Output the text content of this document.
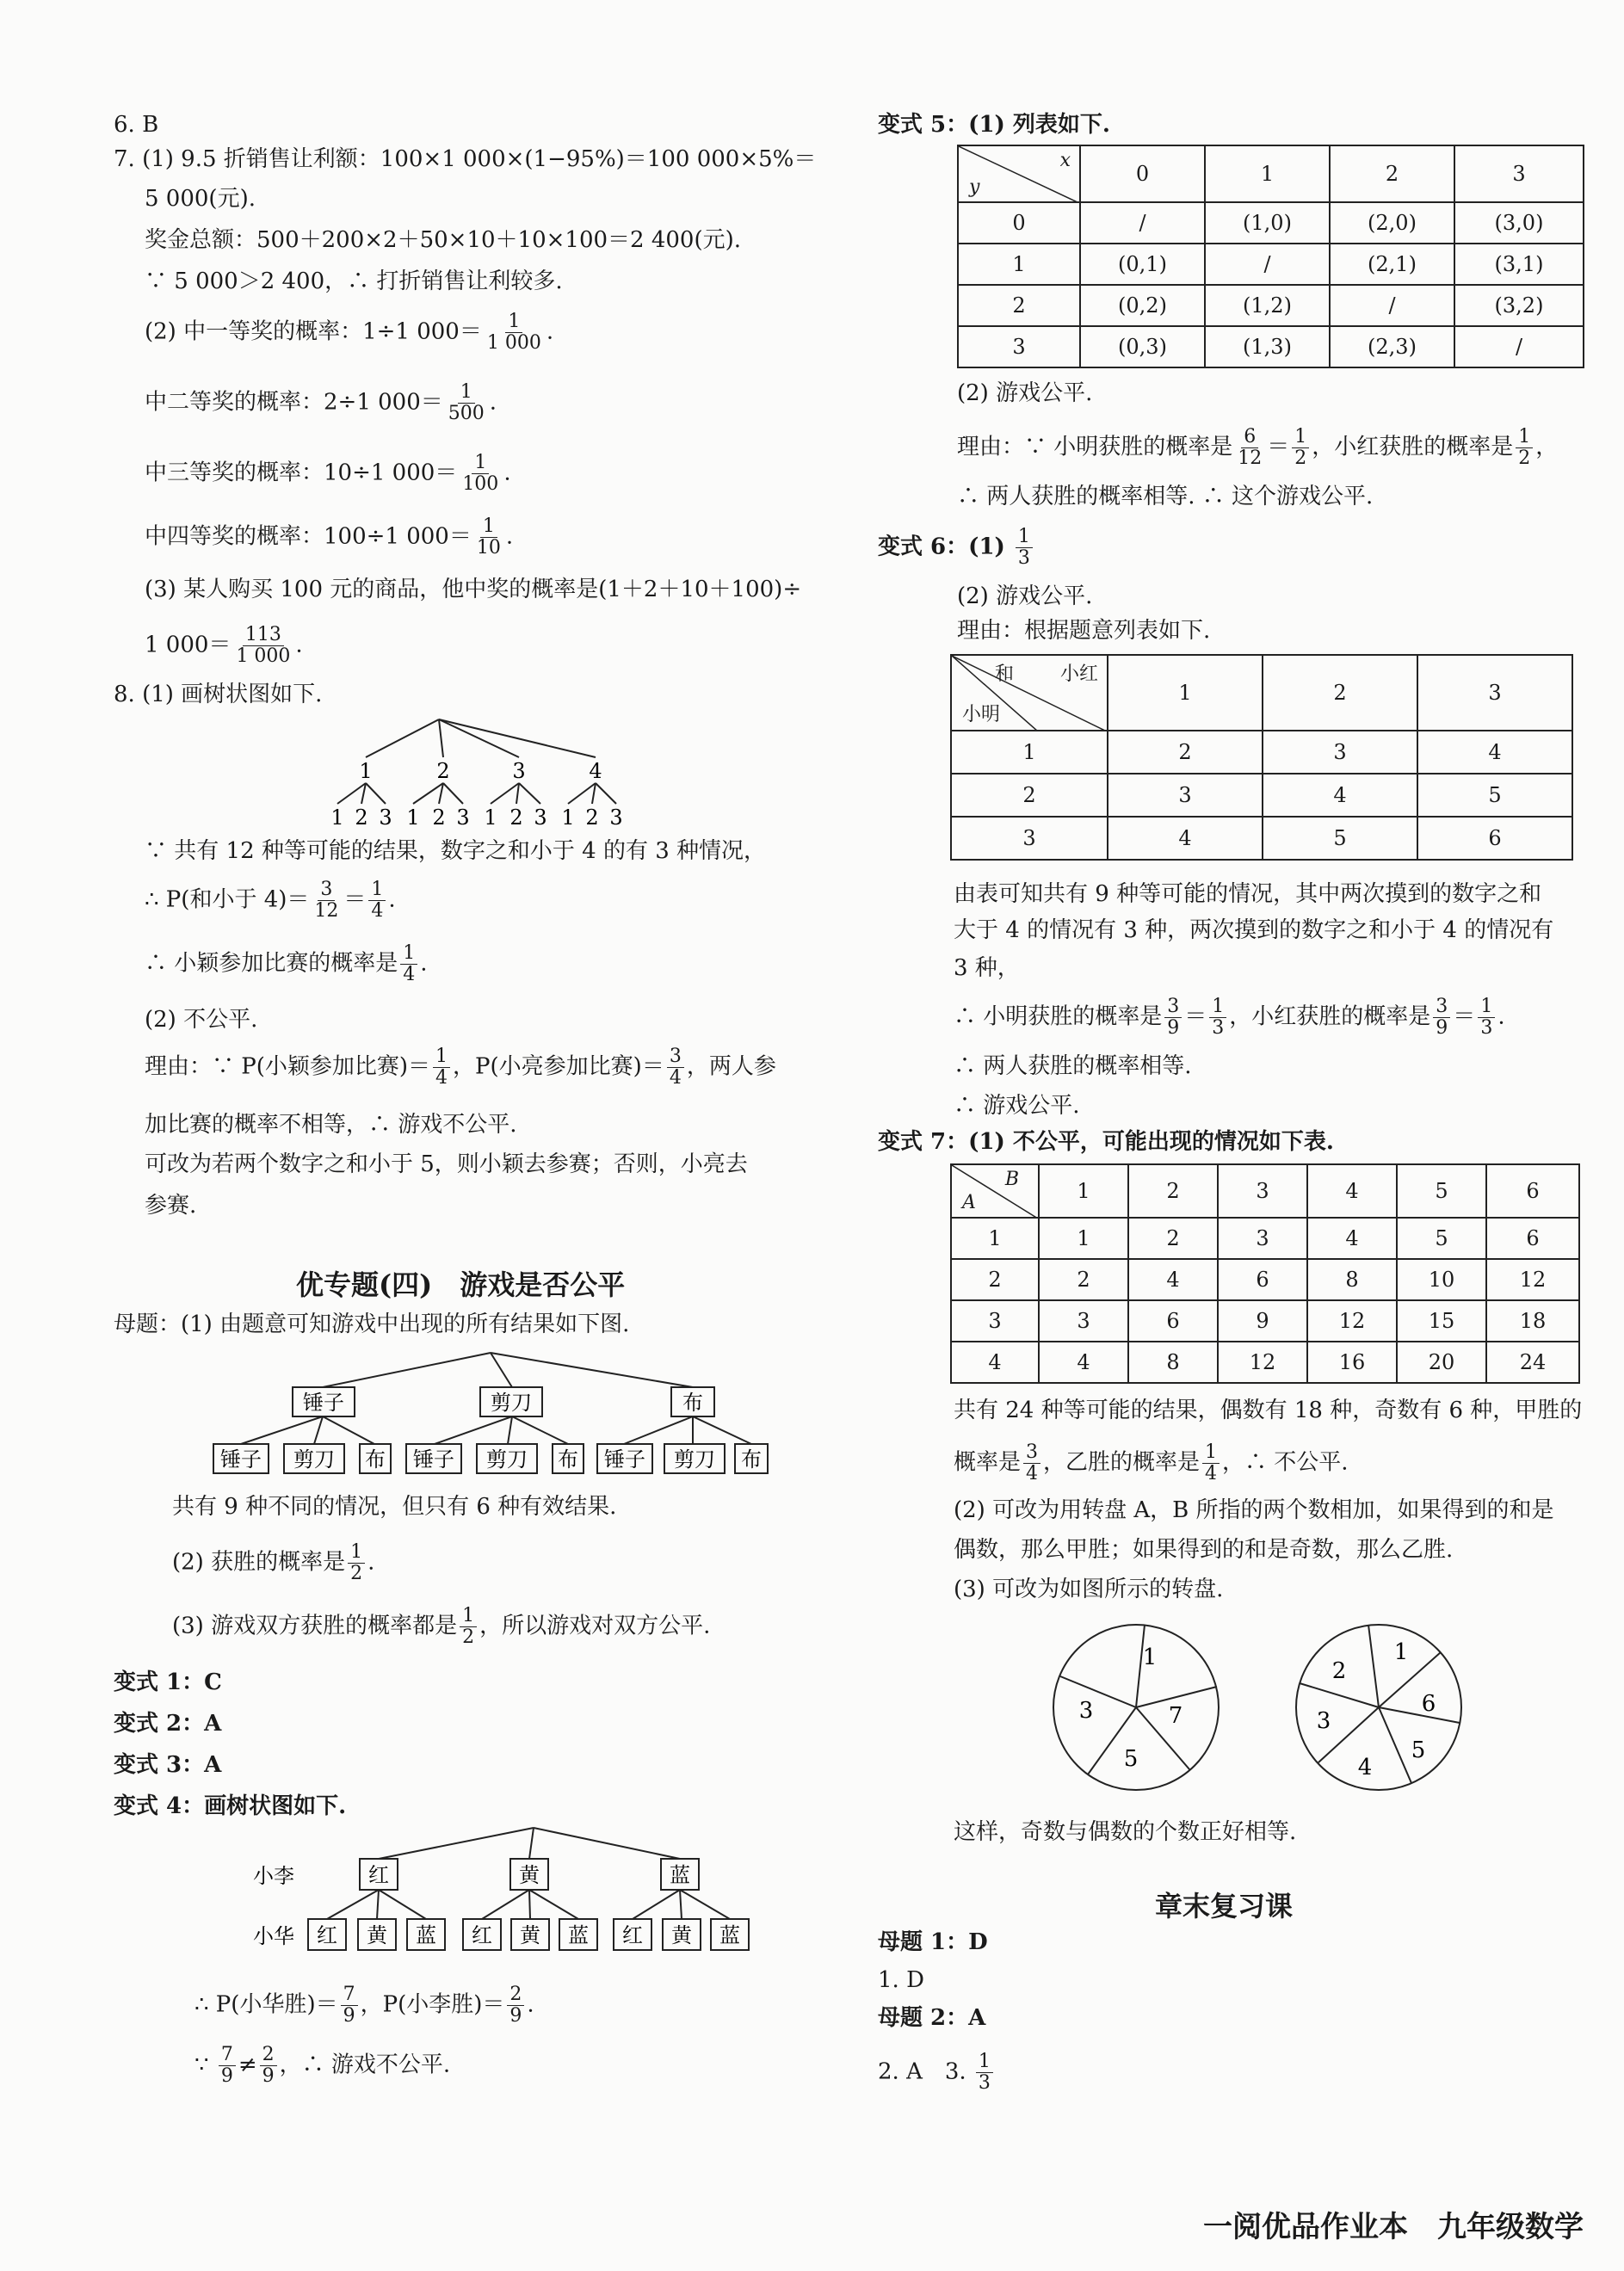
6. B
7. (1) 9.5 折销售让利额：100×1 000×(1−95%)＝100 000×5%＝
5 000(元).
奖金总额：500＋200×2＋50×10＋10×100＝2 400(元).
∵ 5 000＞2 400，∴ 打折销售让利较多.
(2) 中一等奖的概率：1÷1 $000= \frac{1}{1 000}$ .
中二等奖的概率：2÷1 $000= \frac{1}{500}$ .
中三等奖的概率：10÷1 $000= \frac{1}{100}$ .
中四等奖的概率：100÷1 $000= \frac{1}{10}$ .
(3) 某人购买 100 元的商品，他中奖的概率是(1＋2＋10＋100)÷
1 $000= \frac{113}{1 000}$ .
8. (1) 画树状图如下.
1	2	3	4
1 2 3 1 2 3 1 2 3 1 2 3
∵ 共有 12 种等可能的结果，数字之和小于 4 的有 3 种情况，
∴ P(和小于 $4)= \frac{3}{12} = \frac{1}{4}$ .
∴ 小颖参加比赛的概率是 $\frac{1}{4}$ .
(2) 不公平.
理由：∵ P(小颖参加比赛)＝ $\frac{1}{4}$ ，P(小亮参加比赛)＝ $\frac{3}{4}$ ，两人参
加比赛的概率不相等，∴ 游戏不公平.
可改为若两个数字之和小于 5，则小颖去参赛；否则，小亮去
参赛.
优专题(四)　游戏是否公平
母题：(1) 由题意可知游戏中出现的所有结果如下图.
锤子	剪刀	布
锤子 剪刀 布 锤子 剪刀 布 锤子 剪刀 布
共有 9 种不同的情况，但只有 6 种有效结果.
(2) 获胜的概率是 $\frac{1}{2}$ .
(3) 游戏双方获胜的概率都是 $\frac{1}{2}$ ，所以游戏对双方公平.
变式 1：C
变式 2：A
变式 3：A
变式 4：画树状图如下.
小李
小华
红	黄	蓝
红 黄 蓝 红 黄 蓝 红 黄 蓝
∴ P(小华胜)＝ $\frac{7}{9}$ ，P(小李胜)＝ $\frac{2}{9}$ .
∵ $\frac{7}{9} \ne \frac{2}{9}$ ，∴ 游戏不公平.
变式 5：(1) 列表如下.
x
y	0	1	2	3
0	/	(1,0)	(2,0)	(3,0)
1	(0,1)	/	(2,1)	(3,1)
2	(0,2)	(1,2)	/	(3,2)
3	(0,3)	(1,3)	(2,3)	/
(2) 游戏公平.
理由：∵ 小明获胜的概率是 $\frac{6}{12} = \frac{1}{2}$ ，小红获胜的概率是 $\frac{1}{2}$ ，
∴ 两人获胜的概率相等. ∴ 这个游戏公平.
变式 6：$(1) \frac{1}{3}$
(2) 游戏公平.
理由：根据题意列表如下.
和 小红
小明	1	2	3
1	2	3	4
2	3	4	5
3	4	5	6
由表可知共有 9 种等可能的情况，其中两次摸到的数字之和
大于 4 的情况有 3 种，两次摸到的数字之和小于 4 的情况有
3 种，
∴ 小明获胜的概率是 $\frac{3}{9} = \frac{1}{3}$ ，小红获胜的概率是 $\frac{3}{9} = \frac{1}{3}$ .
∴ 两人获胜的概率相等.
∴ 游戏公平.
变式 7：(1) 不公平，可能出现的情况如下表.
B
A	1	2	3	4	5	6
1	1	2	3	4	5	6
2	2	4	6	8	10	12
3	3	6	9	12	15	18
4	4	8	12	16	20	24
共有 24 种等可能的结果，偶数有 18 种，奇数有 6 种，甲胜的
概率是 $\frac{3}{4}$ ，乙胜的概率是 $\frac{1}{4}$ ，∴ 不公平.
(2) 可改为用转盘 A，B 所指的两个数相加，如果得到的和是
偶数，那么甲胜；如果得到的和是奇数，那么乙胜.
(3) 可改为如图所示的转盘.
1
7
5
3
1
6
5
4
3
2
这样，奇数与偶数的个数正好相等.
章末复习课
母题 1：D
1. D
母题 2：A
2. A　3. $\frac{1}{3}$
一阅优品作业本　九年级数学
